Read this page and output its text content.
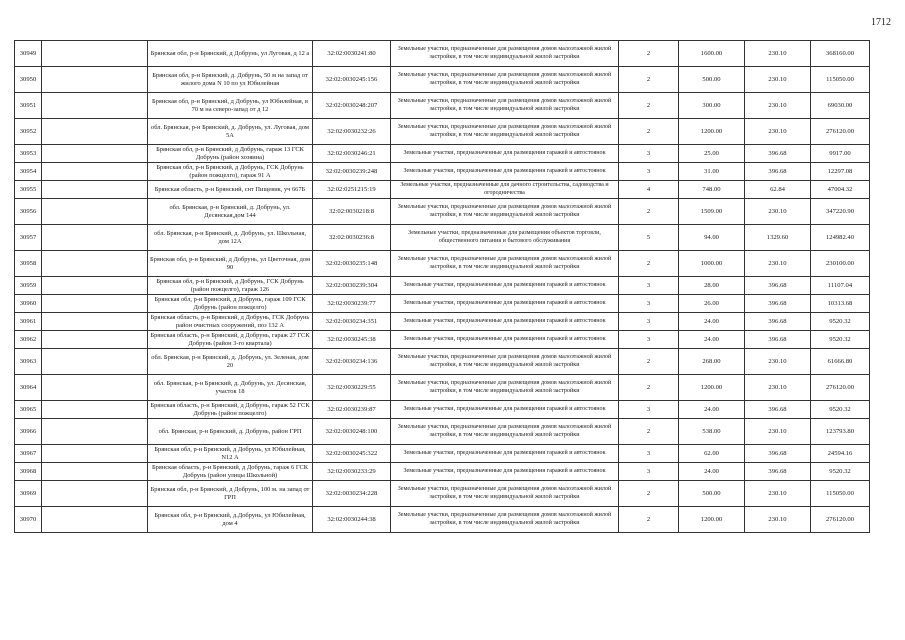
1712
30949		Брянская обл, р-н Брянский, д Добрунь, ул Луговая, д 12 а	32:02:0030241:80	Земельные участки, предназначенные для размещения домов малоэтажной жилой застройки, в том числе индивидуальной жилой застройки	2	1600.00	230.10	368160.00
30950		Брянская обл, р-н Брянский, д. Добрунь, 50 м на запад от жилого дома N 10 по ул Юбилейная	32:02:0030245:156	Земельные участки, предназначенные для размещения домов малоэтажной жилой застройки, в том числе индивидуальной жилой застройки	2	500.00	230.10	115050.00
30951		Брянская обл, р-н Брянский, д Добрунь, ул Юбилейная, в 70 м на северо-запад от д 12	32:02:0030248:207	Земельные участки, предназначенные для размещения домов малоэтажной жилой застройки, в том числе индивидуальной жилой застройки	2	300.00	230.10	69030.00
30952		обл. Брянская, р-н Брянский, д. Добрунь, ул. Луговая, дом 5А	32:02:0030232:26	Земельные участки, предназначенные для размещения домов малоэтажной жилой застройки, в том числе индивидуальной жилой застройки	2	1200.00	230.10	276120.00
30953		Брянская обл, р-н Брянский, д Добрунь, гараж 13 ГСК Добрунь (район хозяина)	32:02:0030246:21	Земельные участки, предназначенные для размещения гаражей и автостоянок	3	25.00	396.68	9917.00
30954		Брянская обл, р-н Брянский, д Добрунь, ГСК Добрунь (район пожцелго), гараж 91 А	32:02:0030239:248	Земельные участки, предназначенные для размещения гаражей и автостоянок	3	31.00	396.68	12297.08
30955		Брянская область, р-н Брянский, снт Пищевик, уч 667Б	32:02:0251215:19	Земельные участки, предназначенные для дачного строительства, садоводства и огородничества	4	748.00	62.84	47004.32
30956		обл. Брянская, р-н Брянский, д. Добрунь, ул. Десянская,дом 144	32:02:0030218:8	Земельные участки, предназначенные для размещения домов малоэтажной жилой застройки, в том числе индивидуальной жилой застройки	2	1509.00	230.10	347220.90
30957		обл. Брянская, р-н Брянский, д. Добрунь, ул. Школьная, дом 12А	32:02:0030236:8	Земельные участки, предназначенные для размещения объектов торговли, общественного питания и бытового обслуживания	5	94.00	1329.60	124982.40
30958		Брянская обл, р-н Брянский, д Добрунь, ул Цветочная, дом 90	32:02:0030235:148	Земельные участки, предназначенные для размещения домов малоэтажной жилой застройки, в том числе индивидуальной жилой застройки	2	1000.00	230.10	230100.00
30959		Брянская обл, р-н Брянский, д Добрунь, ГСК Добрунь (район пожцелго), гараж 126	32:02:0030239:304	Земельные участки, предназначенные для размещения гаражей и автостоянок	3	28.00	396.68	11107.04
30960		Брянская обл, р-н Брянский, д Добрунь, гараж 109 ГСК Добрунь (район пожцелго)	32:02:0030239:77	Земельные участки, предназначенные для размещения гаражей и автостоянок	3	26.00	396.68	10313.68
30961		Брянская область, р-н Брянский, д Добрунь, ГСК Добрунь район очистных сооружений, поз 132 А	32:02:0030234:351	Земельные участки, предназначенные для размещения гаражей и автостоянок	3	24.00	396.68	9520.32
30962		Брянская область, р-н Брянский, д Добрунь, гараж 27 ГСК Добрунь (район 3-го квартала)	32:02:0030245:38	Земельные участки, предназначенные для размещения гаражей и автостоянок	3	24.00	396.68	9520.32
30963		обл. Брянская, р-н Брянский, д. Добрунь, ул. Зеленая, дом 20	32:02:0030234:136	Земельные участки, предназначенные для размещения домов малоэтажной жилой застройки, в том числе индивидуальной жилой застройки	2	268.00	230.10	61666.80
30964		обл. Брянская, р-н Брянский, д. Добрунь, ул. Десянская, участок 18	32:02:0030229:55	Земельные участки, предназначенные для размещения домов малоэтажной жилой застройки, в том числе индивидуальной жилой застройки	2	1200.00	230.10	276120.00
30965		Брянская область, р-н Брянский, д Добрунь, гараж 52 ГСК Добрунь (район пожцелго)	32:02:0030239:87	Земельные участки, предназначенные для размещения гаражей и автостоянок	3	24.00	396.68	9520.32
30966		обл. Брянская, р-н Брянский, д. Добрунь, район ГРП	32:02:0030248:100	Земельные участки, предназначенные для размещения домов малоэтажной жилой застройки, в том числе индивидуальной жилой застройки	2	538.00	230.10	123793.80
30967		Брянская обл, р-н Брянский, д Добрунь, ул Юбилейная, N12 А	32:02:0030245:322	Земельные участки, предназначенные для размещения гаражей и автостоянок	3	62.00	396.68	24594.16
30968		Брянская область, р-н Брянский, д Добрунь, гараж 6 ГСК Добрунь (район улицы Школьной)	32:02:0030233:29	Земельные участки, предназначенные для размещения гаражей и автостоянок	3	24.00	396.68	9520.32
30969		Брянская обл, р-н Брянский, д Добрунь, 100 м. на запад от ГРП	32:02:0030234:228	Земельные участки, предназначенные для размещения домов малоэтажной жилой застройки, в том числе индивидуальной жилой застройки	2	500.00	230.10	115050.00
30970		Брянская обл, р-н Брянский, д.Добрунь, ул Юбилейная, дом 4	32:02:0030244:38	Земельные участки, предназначенные для размещения домов малоэтажной жилой застройки, в том числе индивидуальной жилой застройки	2	1200.00	230.10	276120.00
